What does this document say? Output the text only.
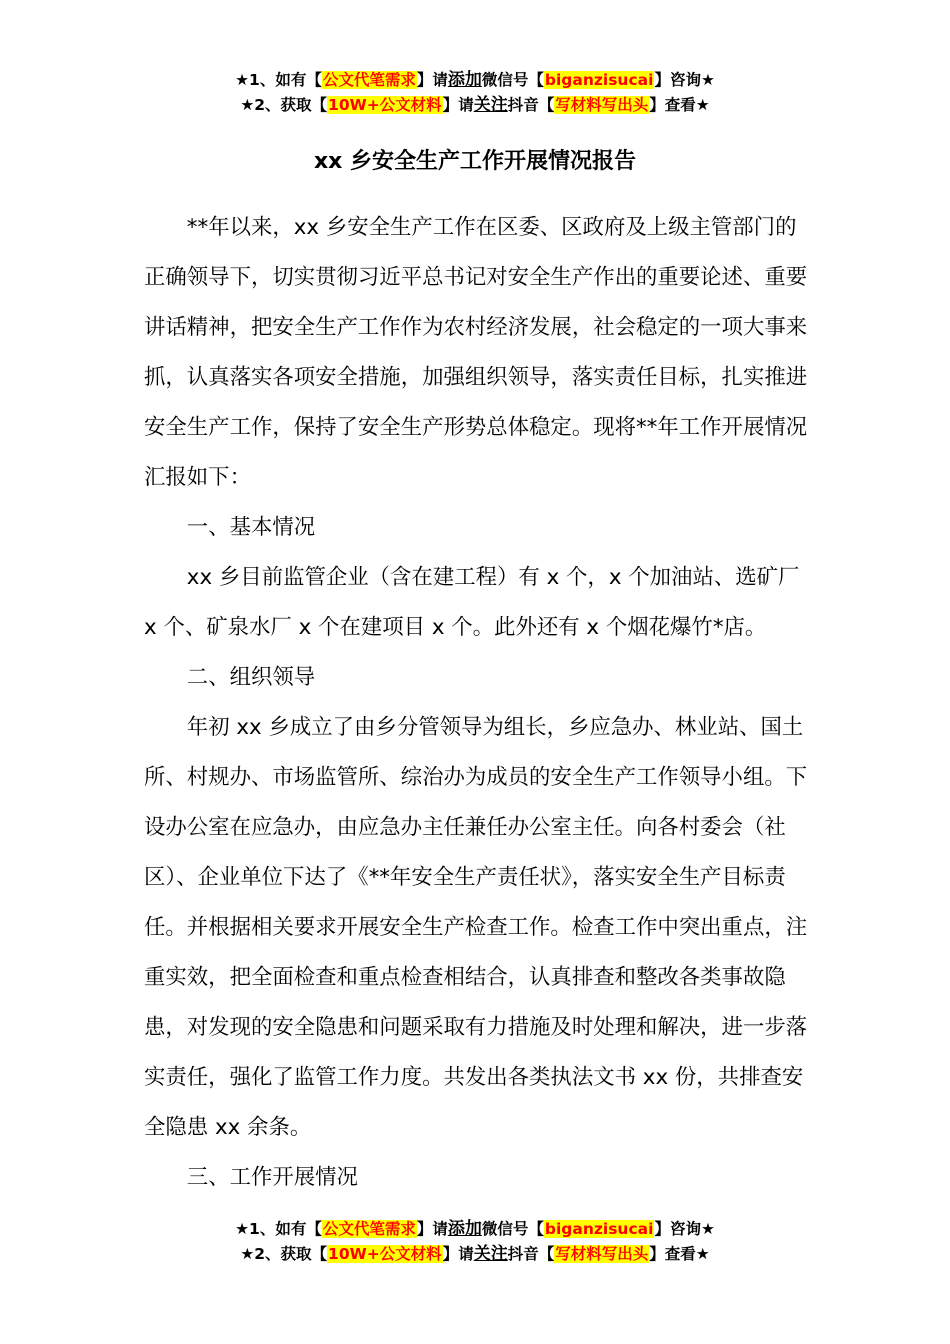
★1、如有【公文代笔需求】请添加微信号【biganzisucai】咨询★
★2、获取【10W+公文材料】请关注抖音【写材料写出头】查看★
xx 乡安全生产工作开展情况报告

**年以来，xx 乡安全生产工作在区委、区政府及上级主管部门的正确领导下，切实贯彻习近平总书记对安全生产作出的重要论述、重要讲话精神，把安全生产工作作为农村经济发展，社会稳定的一项大事来抓，认真落实各项安全措施，加强组织领导，落实责任目标，扎实推进安全生产工作，保持了安全生产形势总体稳定。现将**年工作开展情况汇报如下：

一、基本情况

xx 乡目前监管企业（含在建工程）有 x 个，x 个加油站、选矿厂 x 个、矿泉水厂 x 个在建项目 x 个。此外还有 x 个烟花爆竹*店。

二、组织领导

年初 xx 乡成立了由乡分管领导为组长，乡应急办、林业站、国土所、村规办、市场监管所、综治办为成员的安全生产工作领导小组。下设办公室在应急办，由应急办主任兼任办公室主任。向各村委会（社区）、企业单位下达了《**年安全生产责任状》，落实安全生产目标责任。并根据相关要求开展安全生产检查工作。检查工作中突出重点，注重实效，把全面检查和重点检查相结合，认真排查和整改各类事故隐患，对发现的安全隐患和问题采取有力措施及时处理和解决，进一步落实责任，强化了监管工作力度。共发出各类执法文书 xx 份，共排查安全隐患 xx 余条。

三、工作开展情况

★1、如有【公文代笔需求】请添加微信号【biganzisucai】咨询★
★2、获取【10W+公文材料】请关注抖音【写材料写出头】查看★
